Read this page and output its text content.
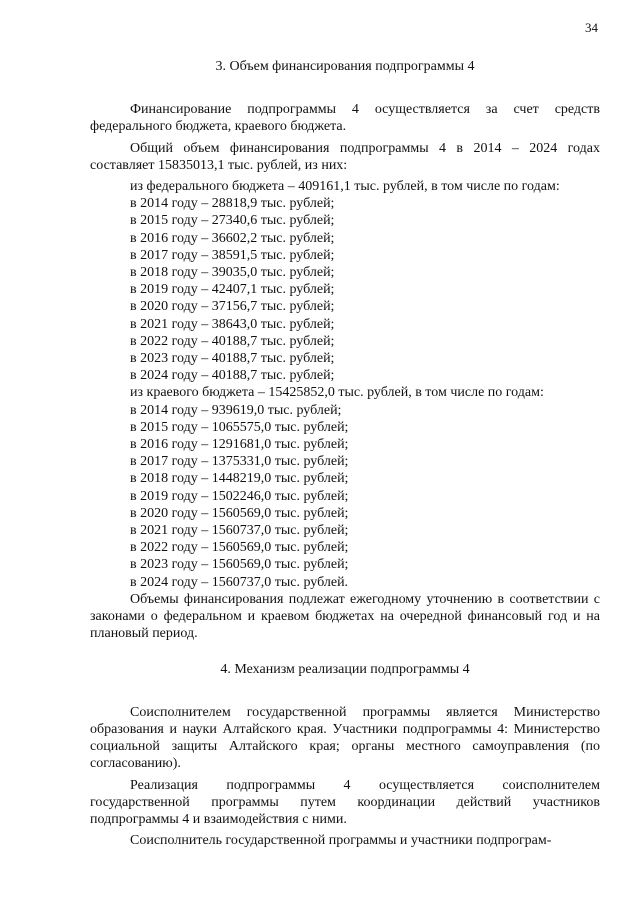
34
3. Объем финансирования подпрограммы 4

Финансирование подпрограммы 4 осуществляется за счет средств федерального бюджета, краевого бюджета.

Общий объем финансирования подпрограммы 4 в 2014 – 2024 годах составляет 15835013,1 тыс. рублей, из них:

из федерального бюджета – 409161,1 тыс. рублей, в том числе по годам:

в 2014 году – 28818,9 тыс. рублей;
в 2015 году – 27340,6 тыс. рублей;
в 2016 году – 36602,2 тыс. рублей;
в 2017 году – 38591,5 тыс. рублей;
в 2018 году – 39035,0 тыс. рублей;
в 2019 году – 42407,1 тыс. рублей;
в 2020 году – 37156,7 тыс. рублей;
в 2021 году – 38643,0 тыс. рублей;
в 2022 году – 40188,7 тыс. рублей;
в 2023 году – 40188,7 тыс. рублей;
в 2024 году – 40188,7 тыс. рублей;

из краевого бюджета – 15425852,0 тыс. рублей, в том числе по годам:

в 2014 году – 939619,0 тыс. рублей;
в 2015 году – 1065575,0 тыс. рублей;
в 2016 году – 1291681,0 тыс. рублей;
в 2017 году – 1375331,0 тыс. рублей;
в 2018 году – 1448219,0 тыс. рублей;
в 2019 году – 1502246,0 тыс. рублей;
в 2020 году – 1560569,0 тыс. рублей;
в 2021 году – 1560737,0 тыс. рублей;
в 2022 году – 1560569,0 тыс. рублей;
в 2023 году – 1560569,0 тыс. рублей;
в 2024 году – 1560737,0 тыс. рублей.

Объемы финансирования подлежат ежегодному уточнению в соответствии с законами о федеральном и краевом бюджетах на очередной финансовый год и на плановый период.

4. Механизм реализации подпрограммы 4

Соисполнителем государственной программы является Министерство образования и науки Алтайского края. Участники подпрограммы 4: Министерство социальной защиты Алтайского края; органы местного самоуправления (по согласованию).

Реализация подпрограммы 4 осуществляется соисполнителем государственной программы путем координации действий участников подпрограммы 4 и взаимодействия с ними.

Соисполнитель государственной программы и участники подпрограм-
